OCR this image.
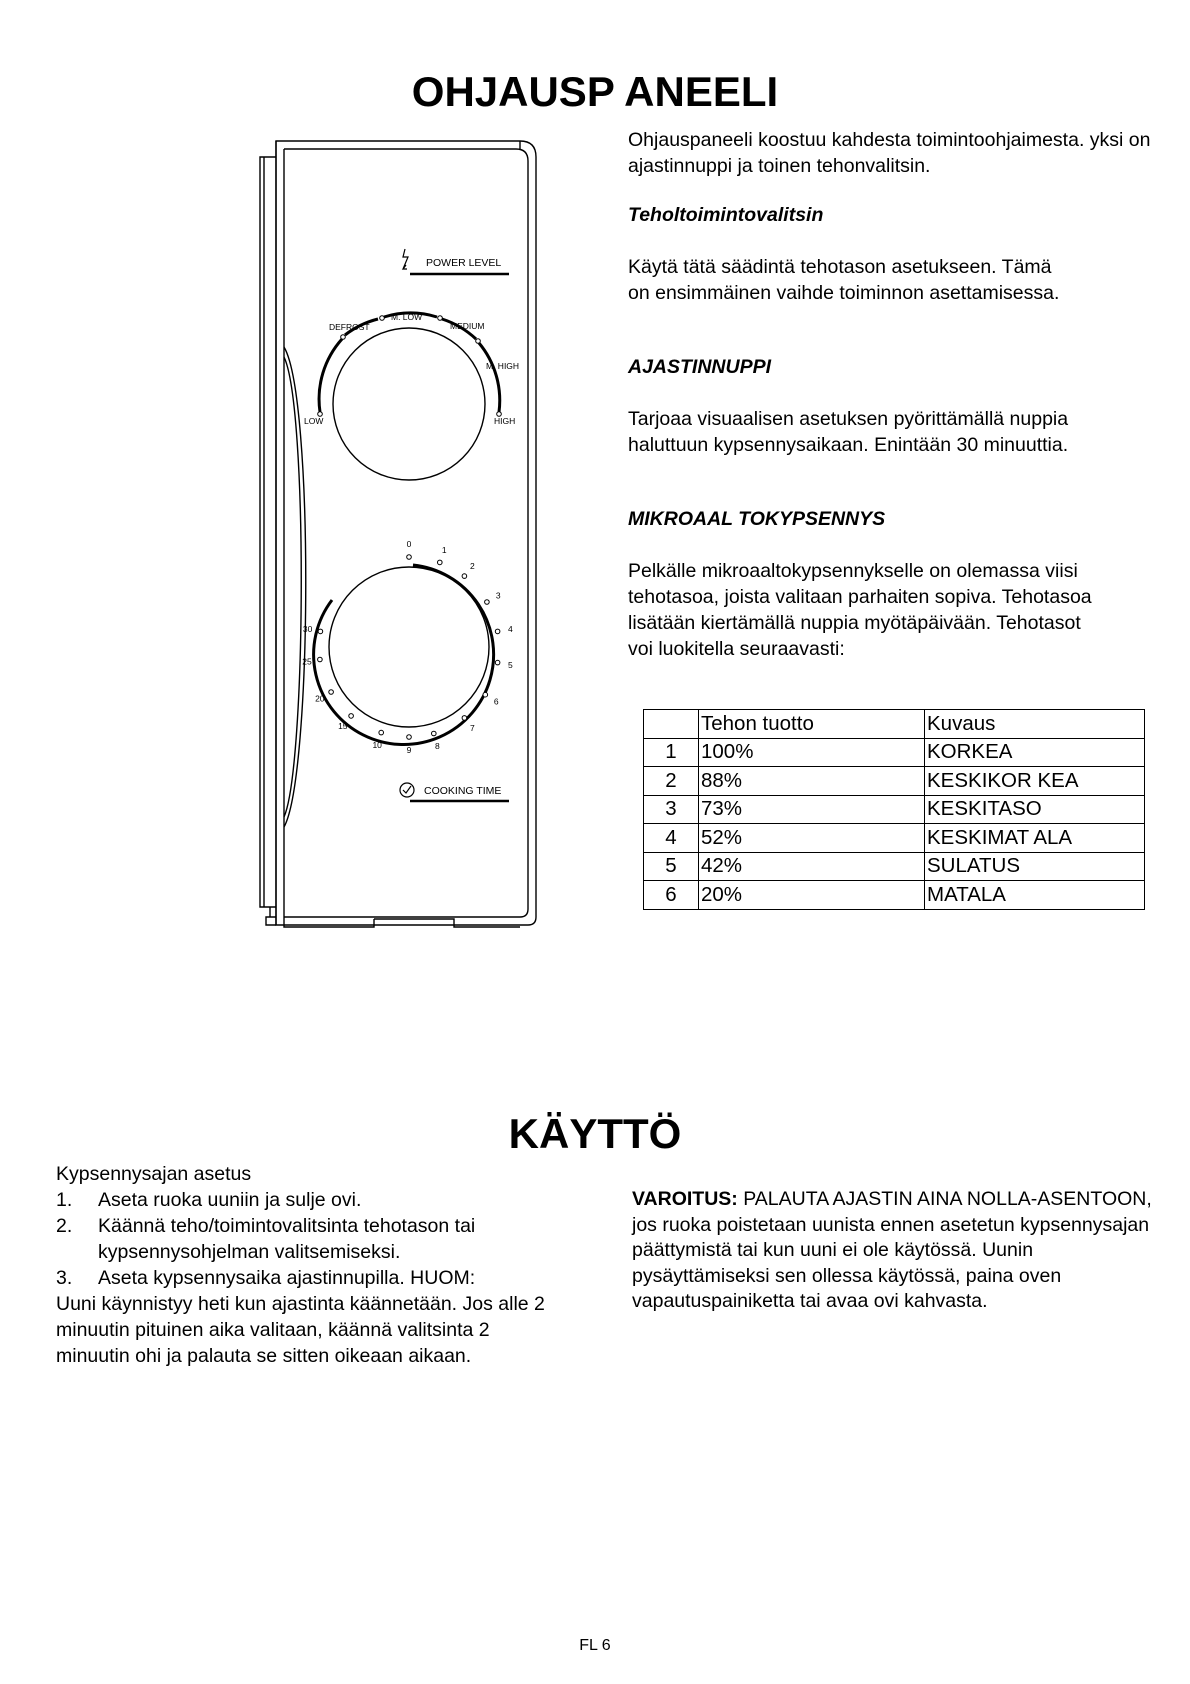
OHJAUSP ANEELI
POWER LEVEL
LOW
DEFROST
M. LOW
MEDIUM
M. HIGH
HIGH
0
1
2
3
4
5
6
7
8
9
10
15
20
25
30
COOKING TIME

Ohjauspaneeli koostuu kahdesta toimintoohjaimesta. yksi on ajastinnuppi ja toinen tehonvalitsin.

Teholtoimintovalitsin

Käytä tätä säädintä tehotason asetukseen. Tämä on ensimmäinen vaihde toiminnon asettamisessa.

AJASTINNUPPI

Tarjoaa visuaalisen asetuksen pyörittämällä nuppia haluttuun kypsennysaikaan. Enintään 30 minuuttia.

MIKROAAL TOKYPSENNYS

Pelkälle mikroaaltokypsennykselle on olemassa viisi tehotasoa, joista valitaan parhaiten sopiva. Tehotasoa lisätään kiertämällä nuppia myötäpäivään. Tehotasot voi luokitella seuraavasti:

	Tehon tuotto	Kuvaus
1	100%	KORKEA
2	88%	KESKIKOR KEA
3	73%	KESKITASO
4	52%	KESKIMAT ALA
5	42%	SULATUS
6	20%	MATALA
KÄYTTÖ

Kypsennysajan asetus

1.	Aseta ruoka uuniin ja sulje ovi.
2.	Käännä teho/toimintovalitsinta tehotason tai kypsennysohjelman valitsemiseksi.
3.	Aseta kypsennysaika ajastinnupilla. HUOM:

Uuni käynnistyy heti kun ajastinta käännetään. Jos alle 2 minuutin pituinen aika valitaan, käännä valitsinta 2 minuutin ohi ja palauta se sitten oikeaan aikaan.

VAROITUS: PALAUTA AJASTIN AINA NOLLA-ASENTOON, jos ruoka poistetaan uunista ennen asetetun kypsennysajan päättymistä tai kun uuni ei ole käytössä. Uunin pysäyttämiseksi sen ollessa käytössä, paina oven vapautuspainiketta tai avaa ovi kahvasta.

FL 6
